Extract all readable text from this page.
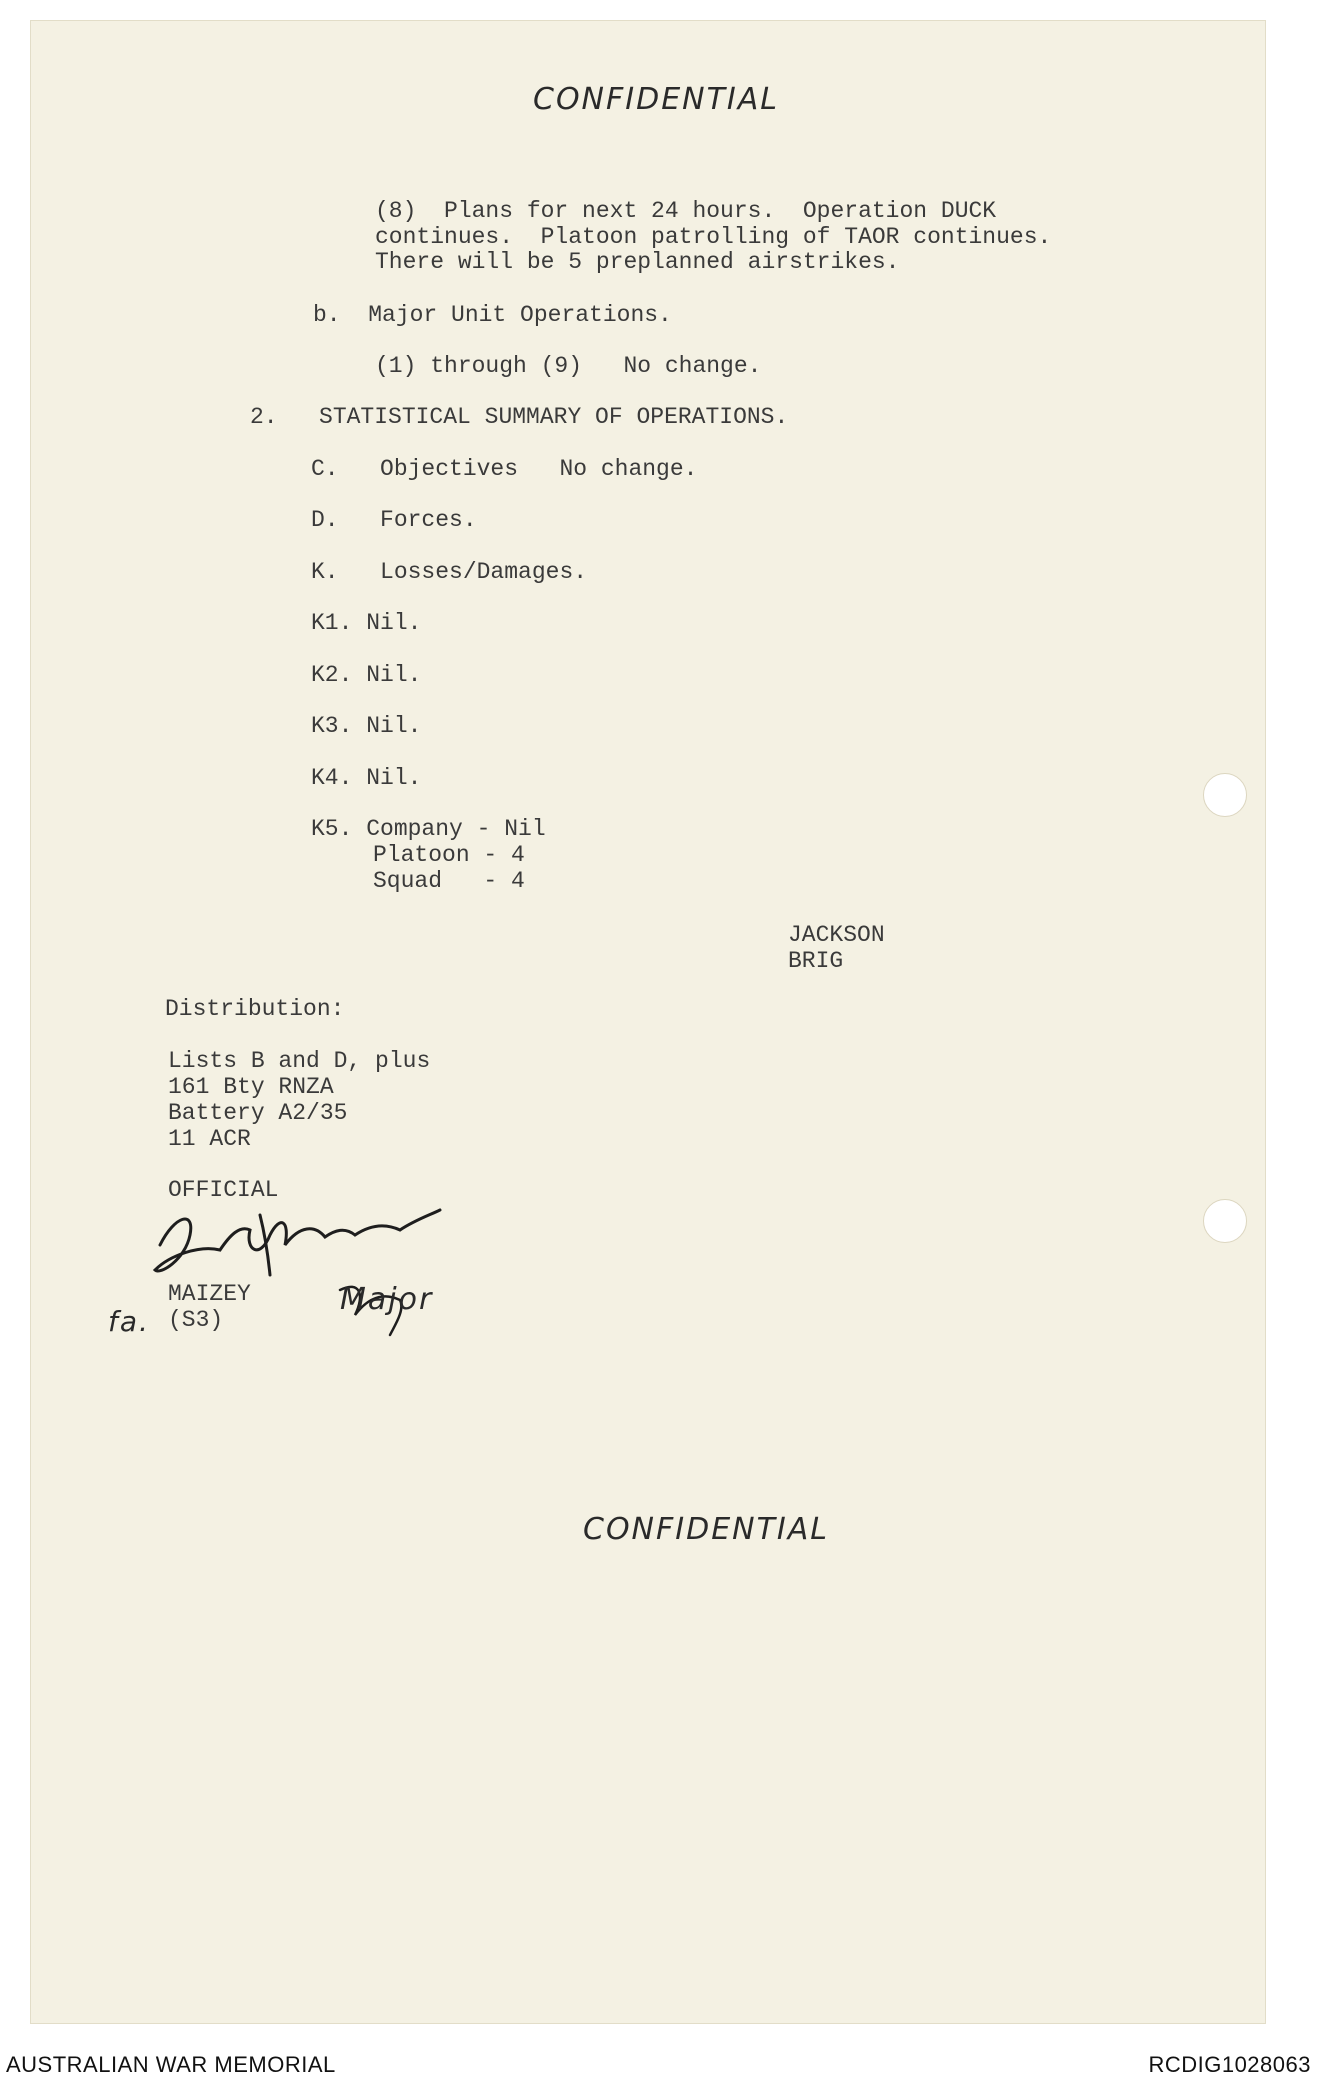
CONFIDENTIAL
(8)  Plans for next 24 hours.  Operation DUCK
continues.  Platoon patrolling of TAOR continues.
There will be 5 preplanned airstrikes.
b.  Major Unit Operations.
(1) through (9)   No change.
2.   STATISTICAL SUMMARY OF OPERATIONS.
C.   Objectives   No change.
D.   Forces.
K.   Losses/Damages.
K1. Nil.
K2. Nil.
K3. Nil.
K4. Nil.
K5. Company - Nil
Platoon - 4
Squad   - 4
JACKSON
BRIG
Distribution:
Lists B and D, plus
161 Bty RNZA
Battery A2/35
11 ACR
OFFICIAL
MAIZEY
(S3)
fa.
Major
CONFIDENTIAL
AUSTRALIAN WAR MEMORIAL	RCDIG1028063
